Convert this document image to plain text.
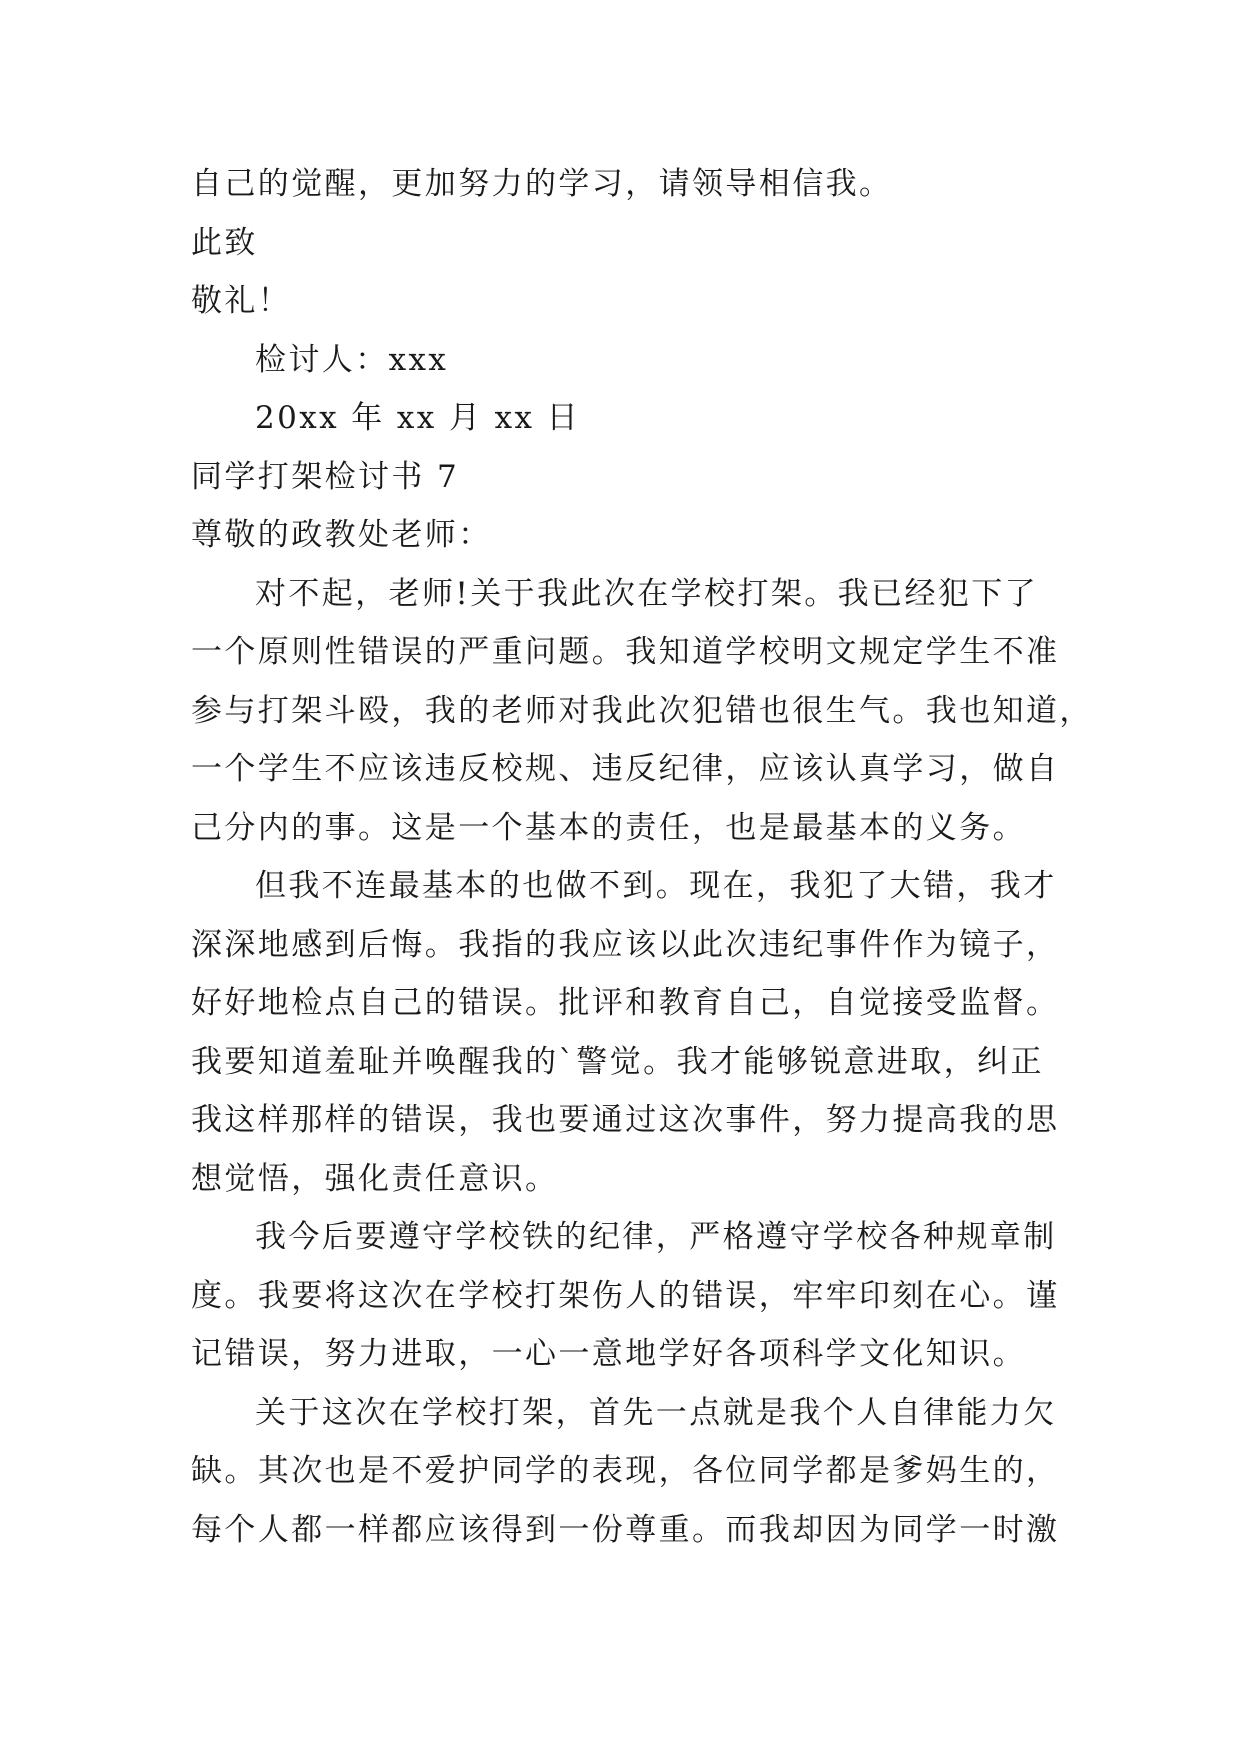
自己的觉醒，更加努力的学习，请领导相信我。
此致
敬礼！
检讨人：xxx
20xx 年 xx 月 xx 日
同学打架检讨书 7
尊敬的政教处老师：
对不起，老师!关于我此次在学校打架。我已经犯下了
一个原则性错误的严重问题。我知道学校明文规定学生不准
参与打架斗殴，我的老师对我此次犯错也很生气。我也知道，
一个学生不应该违反校规、违反纪律，应该认真学习，做自
己分内的事。这是一个基本的责任，也是最基本的义务。
但我不连最基本的也做不到。现在，我犯了大错，我才
深深地感到后悔。我指的我应该以此次违纪事件作为镜子，
好好地检点自己的错误。批评和教育自己，自觉接受监督。
我要知道羞耻并唤醒我的`警觉。我才能够锐意进取，纠正
我这样那样的错误，我也要通过这次事件，努力提高我的思
想觉悟，强化责任意识。
我今后要遵守学校铁的纪律，严格遵守学校各种规章制
度。我要将这次在学校打架伤人的错误，牢牢印刻在心。谨
记错误，努力进取，一心一意地学好各项科学文化知识。
关于这次在学校打架，首先一点就是我个人自律能力欠
缺。其次也是不爱护同学的表现，各位同学都是爹妈生的，
每个人都一样都应该得到一份尊重。而我却因为同学一时激
